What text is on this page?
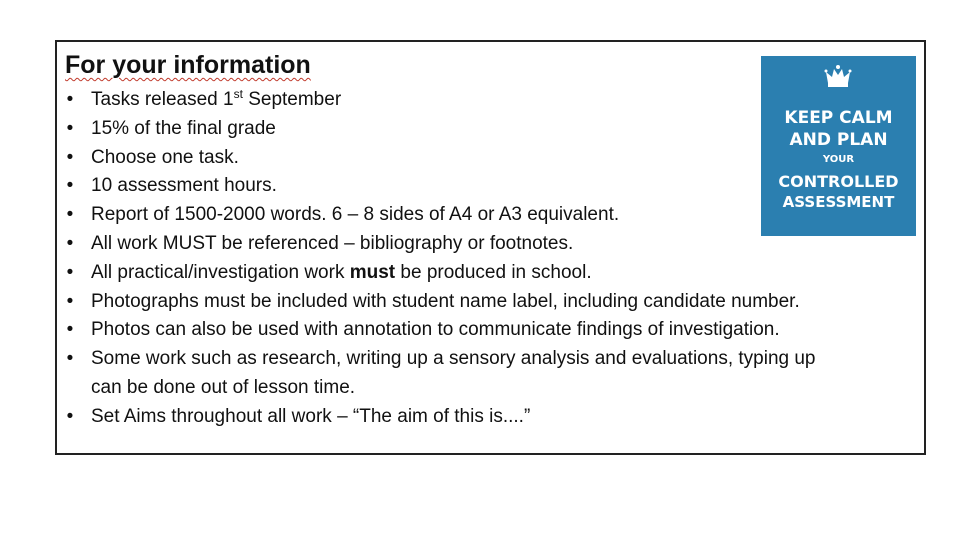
For your information
• Tasks released 1st September
• 15% of the final grade
• Choose one task.
• 10 assessment hours.
• Report of 1500-2000 words. 6 – 8 sides of A4 or A3 equivalent.
• All work MUST be referenced – bibliography or footnotes.
• All practical/investigation work must be produced in school.
• Photographs must be included with student name label, including candidate number.
• Photos can also be used with annotation to communicate findings of investigation.
• Some work such as research, writing up a sensory analysis and evaluations, typing up
can be done out of lesson time.
• Set Aims throughout all work – “The aim of this is....”
KEEP CALM
AND PLAN
YOUR
CONTROLLED
ASSESSMENT
